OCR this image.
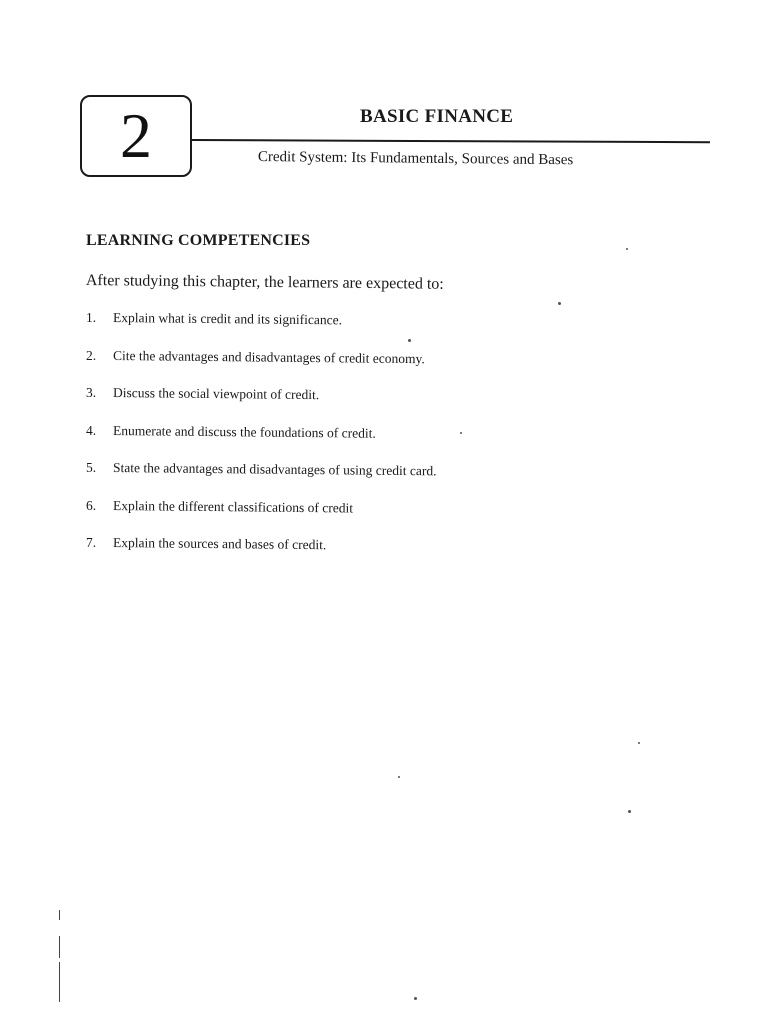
2	BASIC FINANCE
Credit System: Its Fundamentals, Sources and Bases
LEARNING COMPETENCIES
After studying this chapter, the learners are expected to:
1.	Explain what is credit and its significance.
2.	Cite the advantages and disadvantages of credit economy.
3.	Discuss the social viewpoint of credit.
4.	Enumerate and discuss the foundations of credit.
5.	State the advantages and disadvantages of using credit card.
6.	Explain the different classifications of credit
7.	Explain the sources and bases of credit.
